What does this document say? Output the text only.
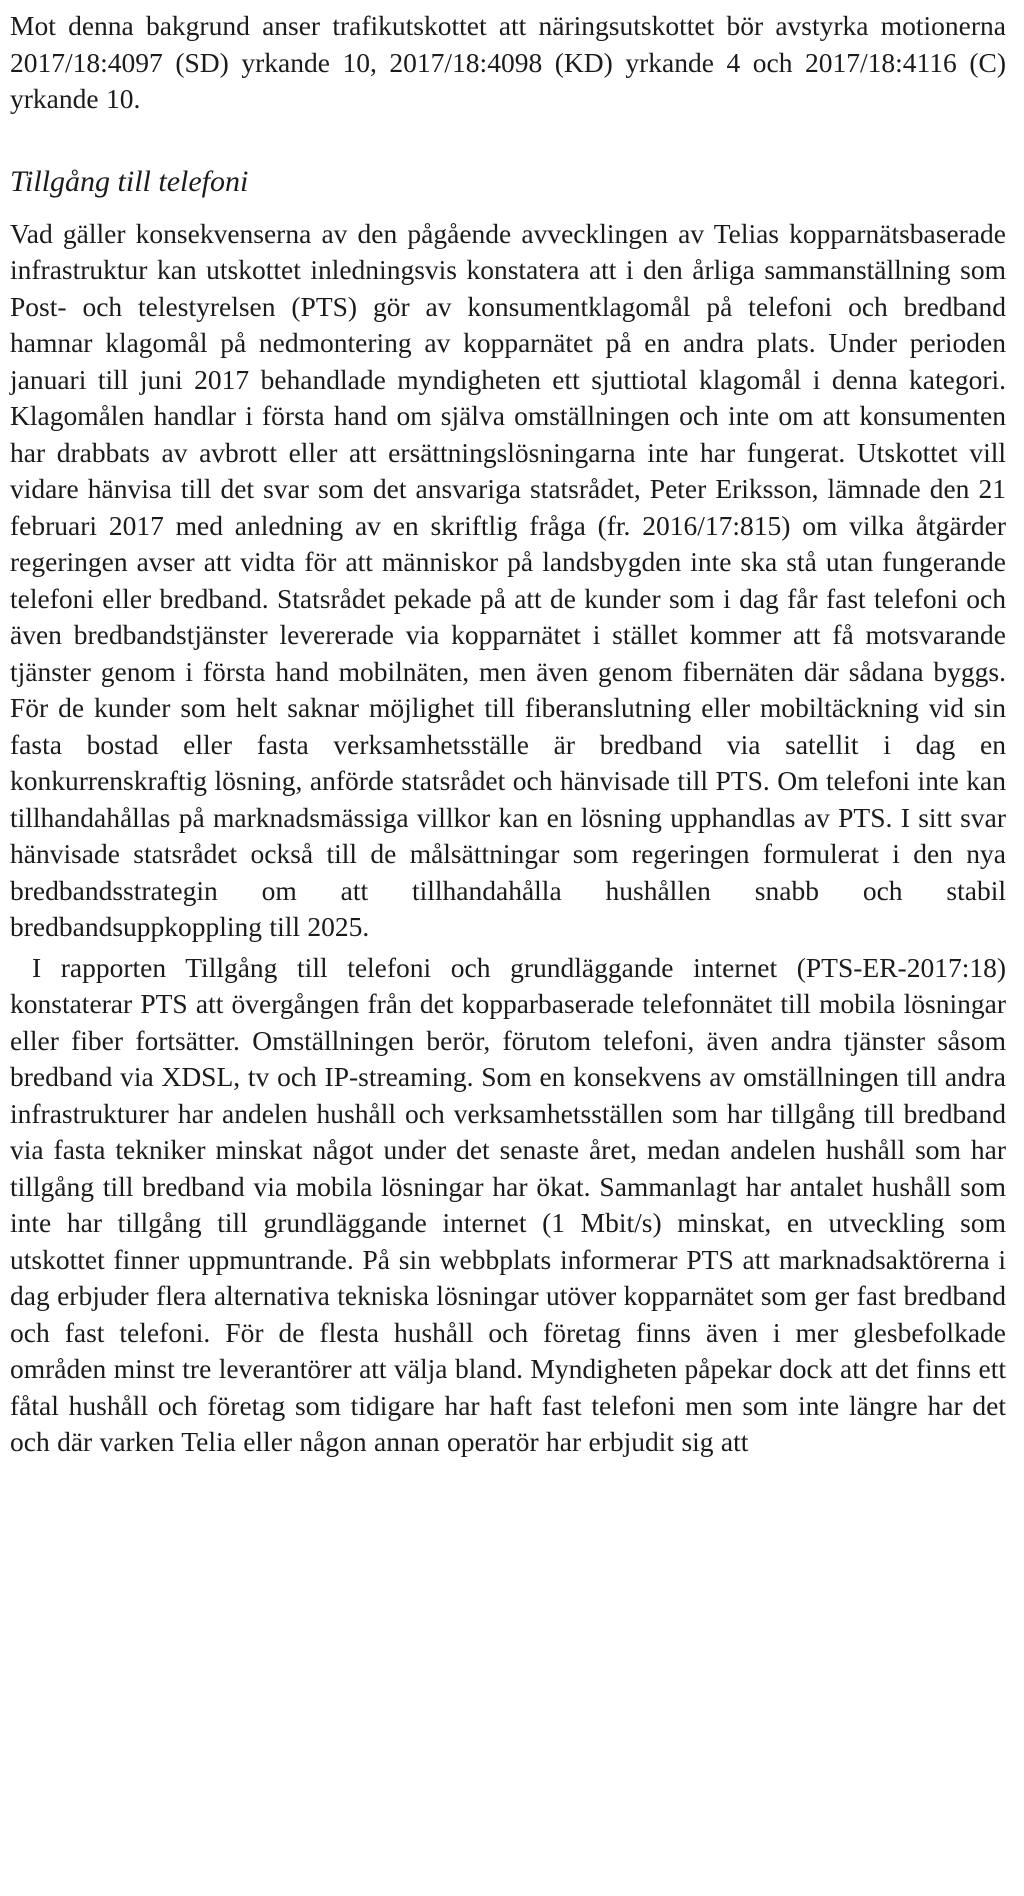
Mot denna bakgrund anser trafikutskottet att näringsutskottet bör avstyrka motionerna 2017/18:4097 (SD) yrkande 10, 2017/18:4098 (KD) yrkande 4 och 2017/18:4116 (C) yrkande 10.

Tillgång till telefoni

Vad gäller konsekvenserna av den pågående avvecklingen av Telias kopparnätsbaserade infrastruktur kan utskottet inledningsvis konstatera att i den årliga sammanställning som Post- och telestyrelsen (PTS) gör av konsumentklagomål på telefoni och bredband hamnar klagomål på nedmontering av kopparnätet på en andra plats. Under perioden januari till juni 2017 behandlade myndigheten ett sjuttiotal klagomål i denna kategori. Klagomålen handlar i första hand om själva omställningen och inte om att konsumenten har drabbats av avbrott eller att ersättningslösningarna inte har fungerat. Utskottet vill vidare hänvisa till det svar som det ansvariga statsrådet, Peter Eriksson, lämnade den 21 februari 2017 med anledning av en skriftlig fråga (fr. 2016/17:815) om vilka åtgärder regeringen avser att vidta för att människor på landsbygden inte ska stå utan fungerande telefoni eller bredband. Statsrådet pekade på att de kunder som i dag får fast telefoni och även bredbandstjänster levererade via kopparnätet i stället kommer att få motsvarande tjänster genom i första hand mobilnäten, men även genom fibernäten där sådana byggs. För de kunder som helt saknar möjlighet till fiberanslutning eller mobiltäckning vid sin fasta bostad eller fasta verksamhetsställe är bredband via satellit i dag en konkurrenskraftig lösning, anförde statsrådet och hänvisade till PTS. Om telefoni inte kan tillhandahållas på marknadsmässiga villkor kan en lösning upphandlas av PTS. I sitt svar hänvisade statsrådet också till de målsättningar som regeringen formulerat i den nya bredbandsstrategin om att tillhandahålla hushållen snabb och stabil bredbandsuppkoppling till 2025.

I rapporten Tillgång till telefoni och grundläggande internet (PTS-ER-2017:18) konstaterar PTS att övergången från det kopparbaserade telefonnätet till mobila lösningar eller fiber fortsätter. Omställningen berör, förutom telefoni, även andra tjänster såsom bredband via XDSL, tv och IP-streaming. Som en konsekvens av omställningen till andra infrastrukturer har andelen hushåll och verksamhetsställen som har tillgång till bredband via fasta tekniker minskat något under det senaste året, medan andelen hushåll som har tillgång till bredband via mobila lösningar har ökat. Sammanlagt har antalet hushåll som inte har tillgång till grundläggande internet (1 Mbit/s) minskat, en utveckling som utskottet finner uppmuntrande. På sin webbplats informerar PTS att marknadsaktörerna i dag erbjuder flera alternativa tekniska lösningar utöver kopparnätet som ger fast bredband och fast telefoni. För de flesta hushåll och företag finns även i mer glesbefolkade områden minst tre leverantörer att välja bland. Myndigheten påpekar dock att det finns ett fåtal hushåll och företag som tidigare har haft fast telefoni men som inte längre har det och där varken Telia eller någon annan operatör har erbjudit sig att
